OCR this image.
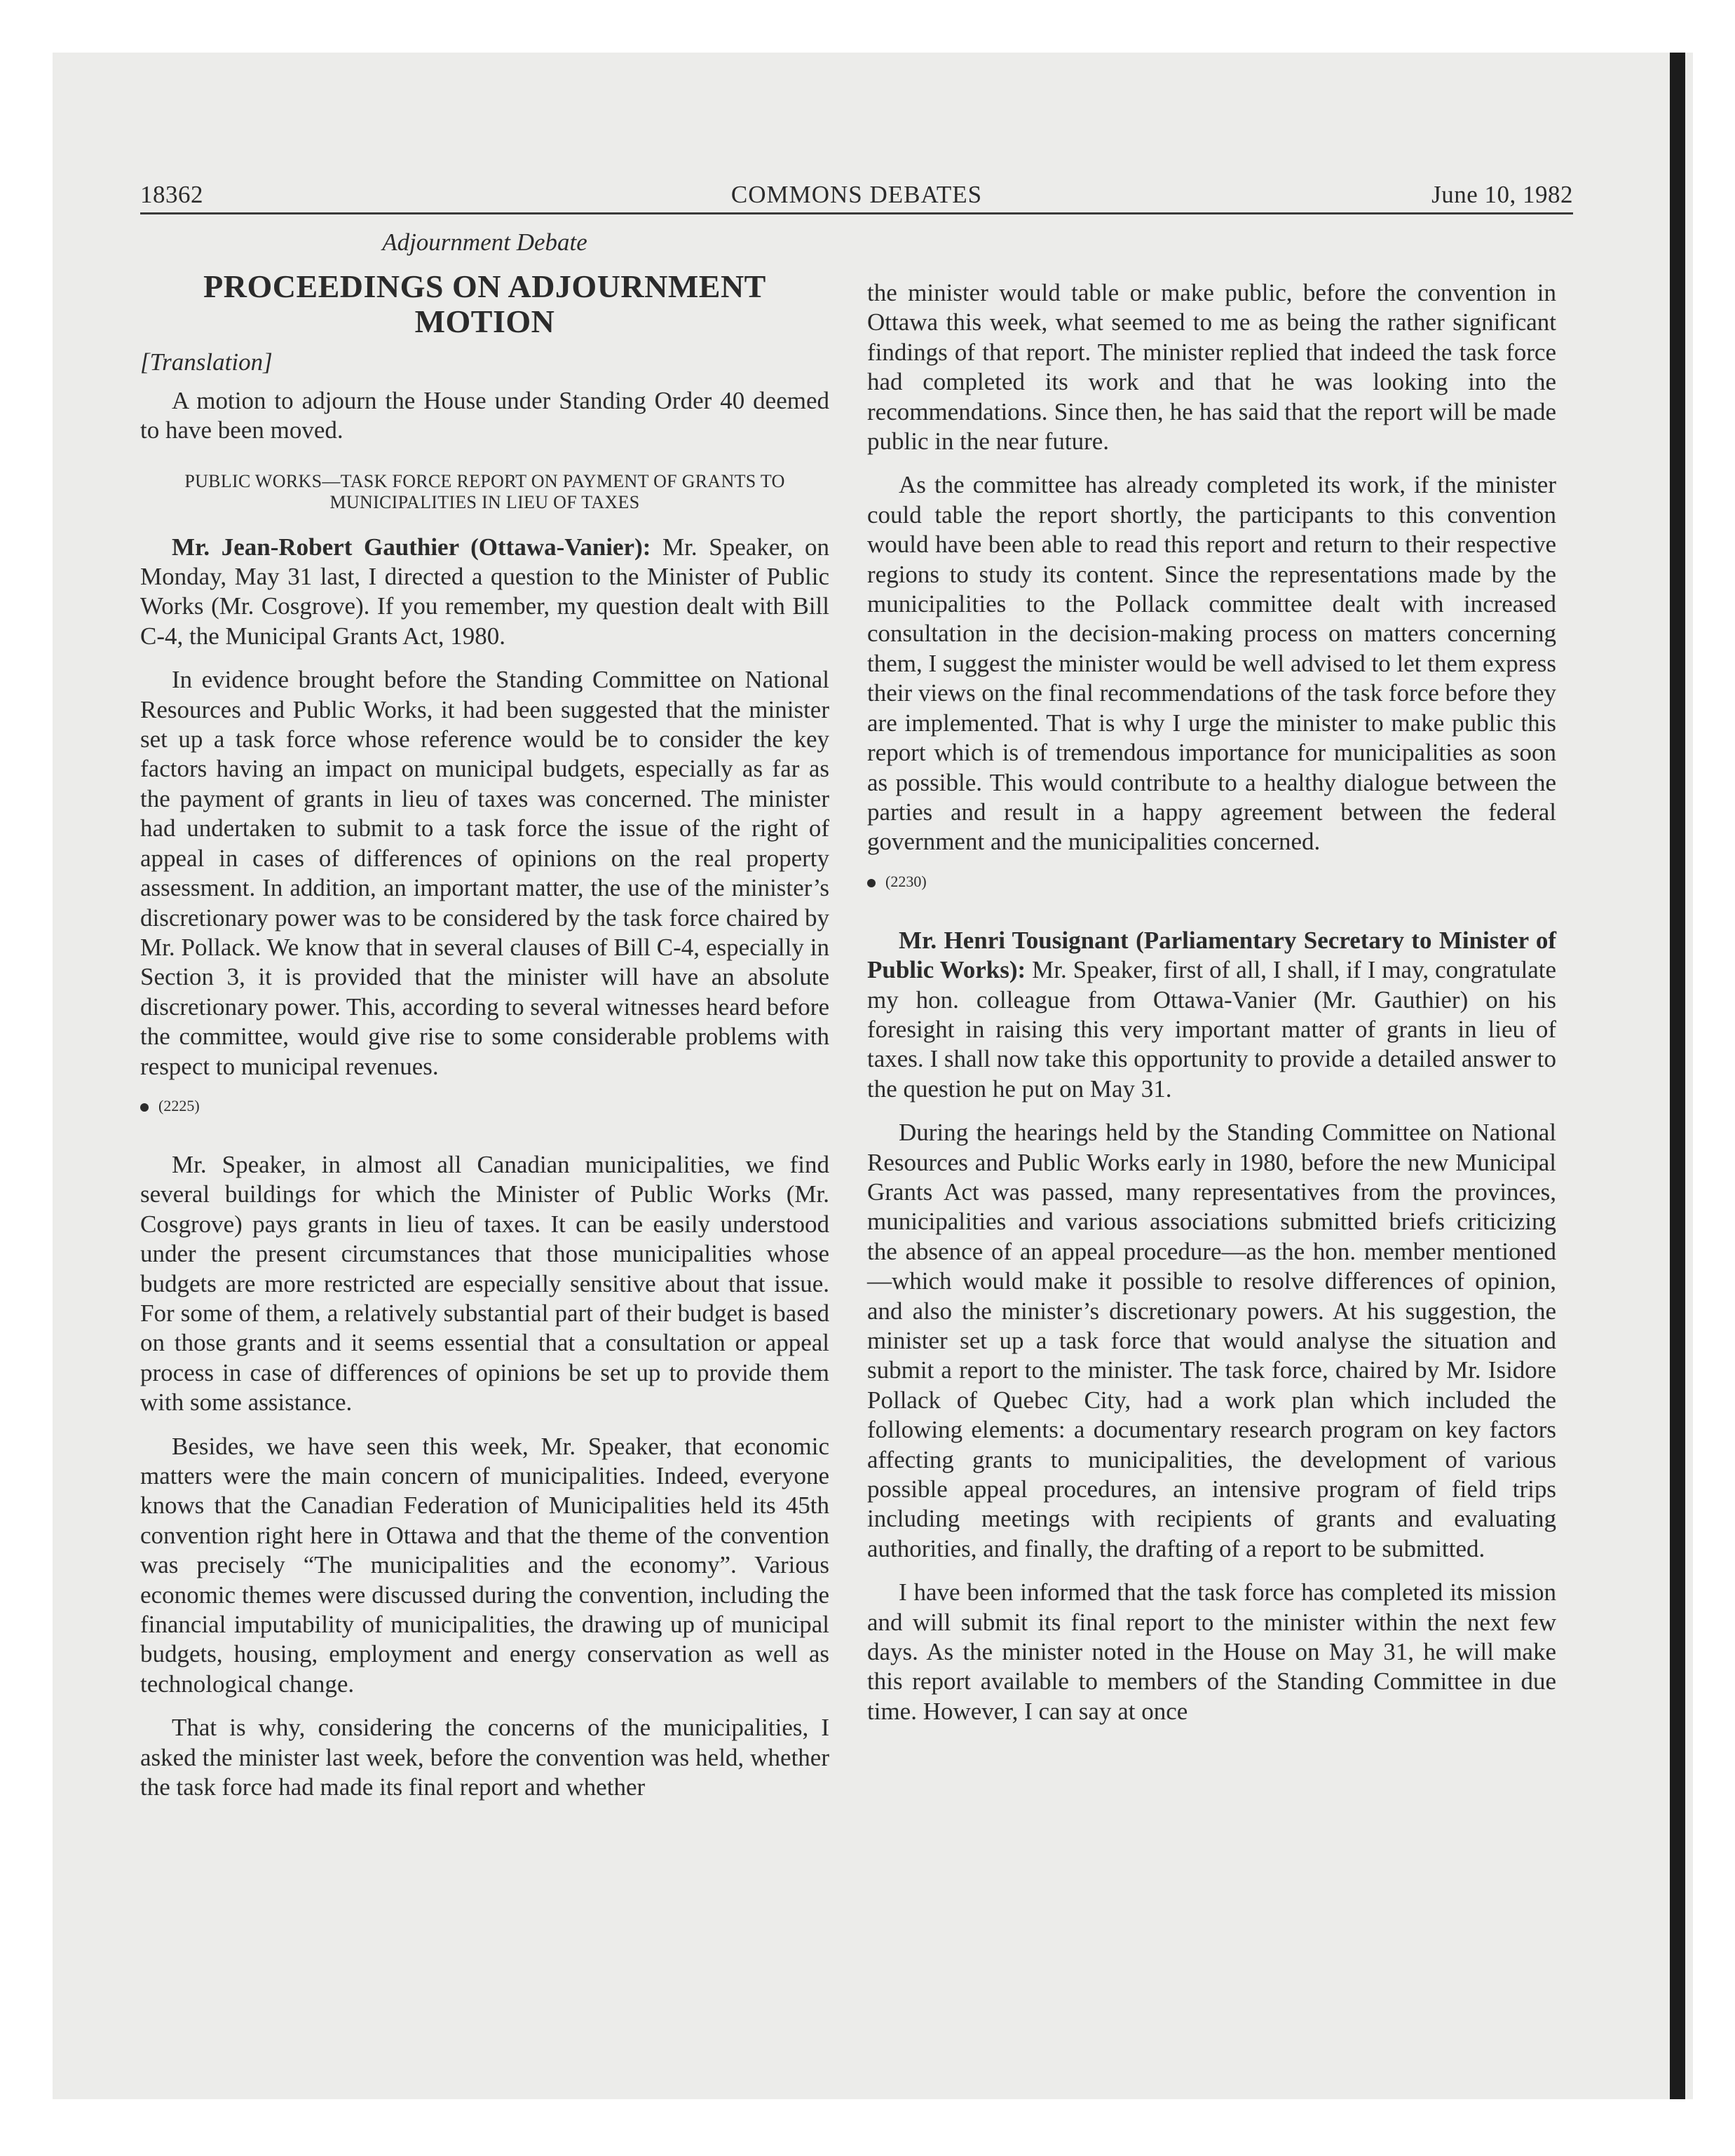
18362	COMMONS DEBATES	June 10, 1982
Adjournment Debate
PROCEEDINGS ON ADJOURNMENT MOTION
[Translation]

A motion to adjourn the House under Standing Order 40 deemed to have been moved.

PUBLIC WORKS—TASK FORCE REPORT ON PAYMENT OF GRANTS TO MUNICIPALITIES IN LIEU OF TAXES

Mr. Jean-Robert Gauthier (Ottawa-Vanier): Mr. Speaker, on Monday, May 31 last, I directed a question to the Minister of Public Works (Mr. Cosgrove). If you remember, my question dealt with Bill C-4, the Municipal Grants Act, 1980.

In evidence brought before the Standing Committee on National Resources and Public Works, it had been suggested that the minister set up a task force whose reference would be to consider the key factors having an impact on municipal budgets, especially as far as the payment of grants in lieu of taxes was concerned. The minister had undertaken to submit to a task force the issue of the right of appeal in cases of differences of opinions on the real property assessment. In addition, an important matter, the use of the minister’s discretionary power was to be considered by the task force chaired by Mr. Pollack. We know that in several clauses of Bill C-4, especially in Section 3, it is provided that the minister will have an absolute discretionary power. This, according to several witnesses heard before the committee, would give rise to some considerable problems with respect to municipal revenues.

(2225)

Mr. Speaker, in almost all Canadian municipalities, we find several buildings for which the Minister of Public Works (Mr. Cosgrove) pays grants in lieu of taxes. It can be easily understood under the present circumstances that those municipalities whose budgets are more restricted are especially sensitive about that issue. For some of them, a relatively substantial part of their budget is based on those grants and it seems essential that a consultation or appeal process in case of differences of opinions be set up to provide them with some assistance.

Besides, we have seen this week, Mr. Speaker, that economic matters were the main concern of municipalities. Indeed, everyone knows that the Canadian Federation of Municipalities held its 45th convention right here in Ottawa and that the theme of the convention was precisely “The municipalities and the economy”. Various economic themes were discussed during the convention, including the financial imputability of municipalities, the drawing up of municipal budgets, housing, employment and energy conservation as well as technological change.

That is why, considering the concerns of the municipalities, I asked the minister last week, before the convention was held, whether the task force had made its final report and whether

the minister would table or make public, before the convention in Ottawa this week, what seemed to me as being the rather significant findings of that report. The minister replied that indeed the task force had completed its work and that he was looking into the recommendations. Since then, he has said that the report will be made public in the near future.

As the committee has already completed its work, if the minister could table the report shortly, the participants to this convention would have been able to read this report and return to their respective regions to study its content. Since the representations made by the municipalities to the Pollack committee dealt with increased consultation in the decision-making process on matters concerning them, I suggest the minister would be well advised to let them express their views on the final recommendations of the task force before they are implemented. That is why I urge the minister to make public this report which is of tremendous importance for municipalities as soon as possible. This would contribute to a healthy dialogue between the parties and result in a happy agreement between the federal government and the municipalities concerned.

(2230)

Mr. Henri Tousignant (Parliamentary Secretary to Minister of Public Works): Mr. Speaker, first of all, I shall, if I may, congratulate my hon. colleague from Ottawa-Vanier (Mr. Gauthier) on his foresight in raising this very important matter of grants in lieu of taxes. I shall now take this opportunity to provide a detailed answer to the question he put on May 31.

During the hearings held by the Standing Committee on National Resources and Public Works early in 1980, before the new Municipal Grants Act was passed, many representatives from the provinces, municipalities and various associations submitted briefs criticizing the absence of an appeal procedure—as the hon. member mentioned—which would make it possible to resolve differences of opinion, and also the minister’s discretionary powers. At his suggestion, the minister set up a task force that would analyse the situation and submit a report to the minister. The task force, chaired by Mr. Isidore Pollack of Quebec City, had a work plan which included the following elements: a documentary research program on key factors affecting grants to municipalities, the development of various possible appeal procedures, an intensive program of field trips including meetings with recipients of grants and evaluating authorities, and finally, the drafting of a report to be submitted.

I have been informed that the task force has completed its mission and will submit its final report to the minister within the next few days. As the minister noted in the House on May 31, he will make this report available to members of the Standing Committee in due time. However, I can say at once
